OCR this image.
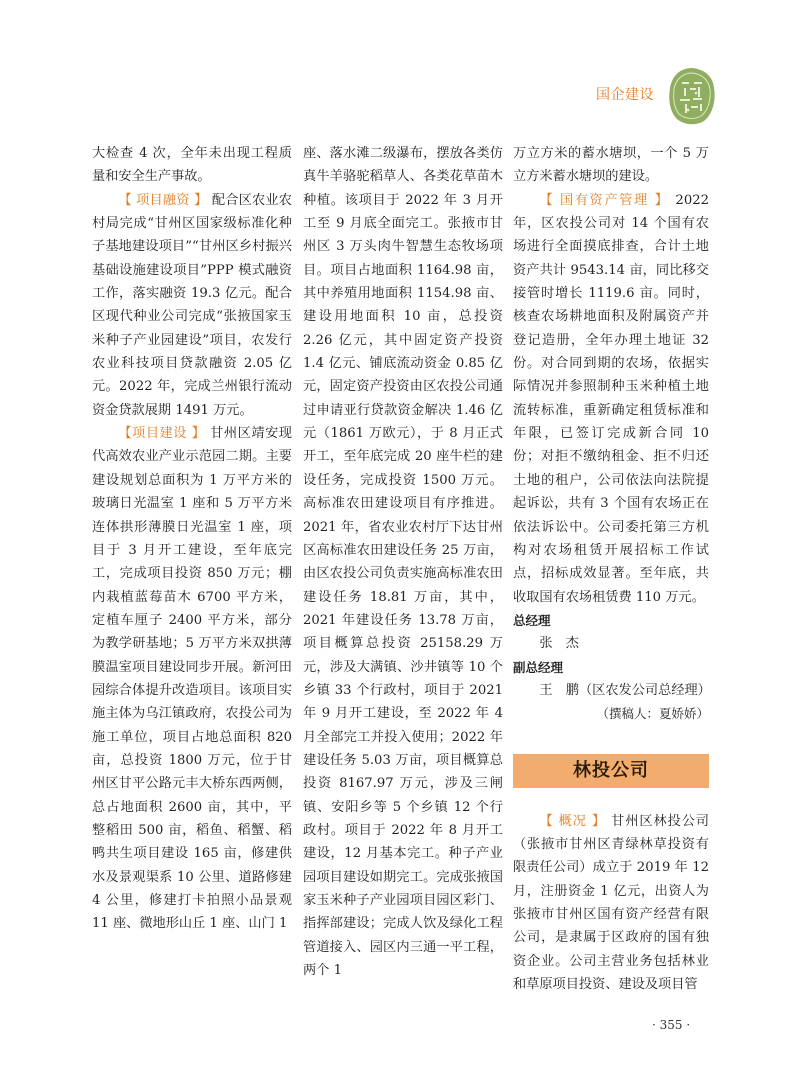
国企建设

大检查 4 次，全年未出现工程质量和安全生产事故。

【 项目融资 】 配合区农业农村局完成“甘州区国家级标准化种子基地建设项目”“甘州区乡村振兴基础设施建设项目”PPP 模式融资工作，落实融资 19.3 亿元。配合区现代种业公司完成“张掖国家玉米种子产业园建设”项目，农发行农业科技项目贷款融资 2.05 亿元。2022 年，完成兰州银行流动资金贷款展期 1491 万元。

【项目建设 】 甘州区靖安现代高效农业产业示范园二期。主要建设规划总面积为 1 万平方米的玻璃日光温室 1 座和 5 万平方米连体拱形薄膜日光温室 1 座，项目于 3 月开工建设，至年底完工，完成项目投资 850 万元；棚内栽植蓝莓苗木 6700 平方米，定植车厘子 2400 平方米，部分为教学研基地；5 万平方米双拱薄膜温室项目建设同步开展。新河田园综合体提升改造项目。该项目实施主体为乌江镇政府，农投公司为施工单位，项目占地总面积 820 亩，总投资 1800 万元，位于甘州区甘平公路元丰大桥东西两侧，总占地面积 2600 亩，其中，平整稻田 500 亩，稻鱼、稻蟹、稻鸭共生项目建设 165 亩，修建供水及景观渠系 10 公里、道路修建 4 公里，修建打卡拍照小品景观 11 座、微地形山丘 1 座、山门 1

座、落水滩二级瀑布，摆放各类仿真牛羊骆驼稻草人、各类花草苗木种植。该项目于 2022 年 3 月开工至 9 月底全面完工。张掖市甘州区 3 万头肉牛智慧生态牧场项目。项目占地面积 1164.98 亩，其中养殖用地面积 1154.98 亩、建设用地面积 10 亩，总投资 2.26 亿元，其中固定资产投资 1.4 亿元、铺底流动资金 0.85 亿元，固定资产投资由区农投公司通过申请亚行贷款资金解决 1.46 亿元（1861 万欧元），于 8 月正式开工，至年底完成 20 座牛栏的建设任务，完成投资 1500 万元。高标准农田建设项目有序推进。2021 年，省农业农村厅下达甘州区高标准农田建设任务 25 万亩，由区农投公司负责实施高标准农田建设任务 18.81 万亩，其中，2021 年建设任务 13.78 万亩，项目概算总投资 25158.29 万元，涉及大满镇、沙井镇等 10 个乡镇 33 个行政村，项目于 2021 年 9 月开工建设，至 2022 年 4 月全部完工并投入使用；2022 年建设任务 5.03 万亩，项目概算总投资 8167.97 万元，涉及三闸镇、安阳乡等 5 个乡镇 12 个行政村。项目于 2022 年 8 月开工建设，12 月基本完工。种子产业园项目建设如期完工。完成张掖国家玉米种子产业园项目园区彩门、指挥部建设；完成人饮及绿化工程管道接入、园区内三通一平工程，两个 1

万立方米的蓄水塘坝，一个 5 万立方米蓄水塘坝的建设。

【 国有资产管理 】 2022 年，区农投公司对 14 个国有农场进行全面摸底排查，合计土地资产共计 9543.14 亩，同比移交接管时增长 1119.6 亩。同时，核查农场耕地面积及附属资产并登记造册，全年办理土地证 32 份。对合同到期的农场，依据实际情况并参照制种玉米种植土地流转标准，重新确定租赁标准和年限，已签订完成新合同 10 份；对拒不缴纳租金、拒不归还土地的租户，公司依法向法院提起诉讼，共有 3 个国有农场正在依法诉讼中。公司委托第三方机构对农场租赁开展招标工作试点，招标成效显著。至年底，共收取国有农场租赁费 110 万元。

总经理

张　杰

副总经理

王　鹏（区农发公司总经理）

（撰稿人：夏娇娇）

林投公司

【 概况 】 甘州区林投公司（张掖市甘州区青绿林草投资有限责任公司）成立于 2019 年 12 月，注册资金 1 亿元，出资人为张掖市甘州区国有资产经营有限公司，是隶属于区政府的国有独资企业。公司主营业务包括林业和草原项目投资、建设及项目管

· 355 ·
